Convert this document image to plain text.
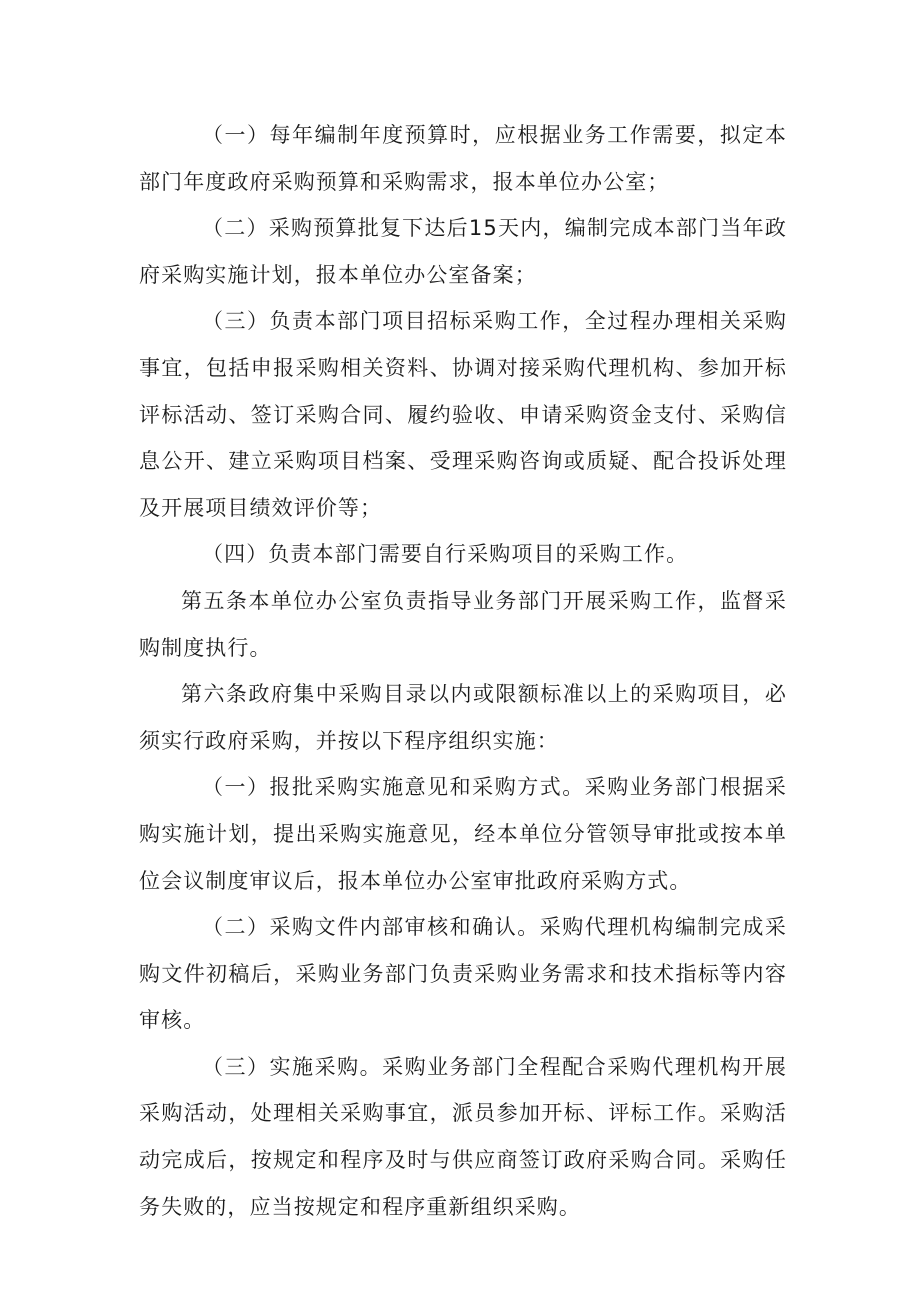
（一）每年编制年度预算时，应根据业务工作需要，拟定本部门年度政府采购预算和采购需求，报本单位办公室；

（二）采购预算批复下达后15天内，编制完成本部门当年政府采购实施计划，报本单位办公室备案；

（三）负责本部门项目招标采购工作，全过程办理相关采购事宜，包括申报采购相关资料、协调对接采购代理机构、参加开标评标活动、签订采购合同、履约验收、申请采购资金支付、采购信息公开、建立采购项目档案、受理采购咨询或质疑、配合投诉处理及开展项目绩效评价等；

（四）负责本部门需要自行采购项目的采购工作。

第五条本单位办公室负责指导业务部门开展采购工作，监督采购制度执行。

第六条政府集中采购目录以内或限额标准以上的采购项目，必须实行政府采购，并按以下程序组织实施：

（一）报批采购实施意见和采购方式。采购业务部门根据采购实施计划，提出采购实施意见，经本单位分管领导审批或按本单位会议制度审议后，报本单位办公室审批政府采购方式。

（二）采购文件内部审核和确认。采购代理机构编制完成采购文件初稿后，采购业务部门负责采购业务需求和技术指标等内容审核。

（三）实施采购。采购业务部门全程配合采购代理机构开展采购活动，处理相关采购事宜，派员参加开标、评标工作。采购活动完成后，按规定和程序及时与供应商签订政府采购合同。采购任务失败的，应当按规定和程序重新组织采购。
